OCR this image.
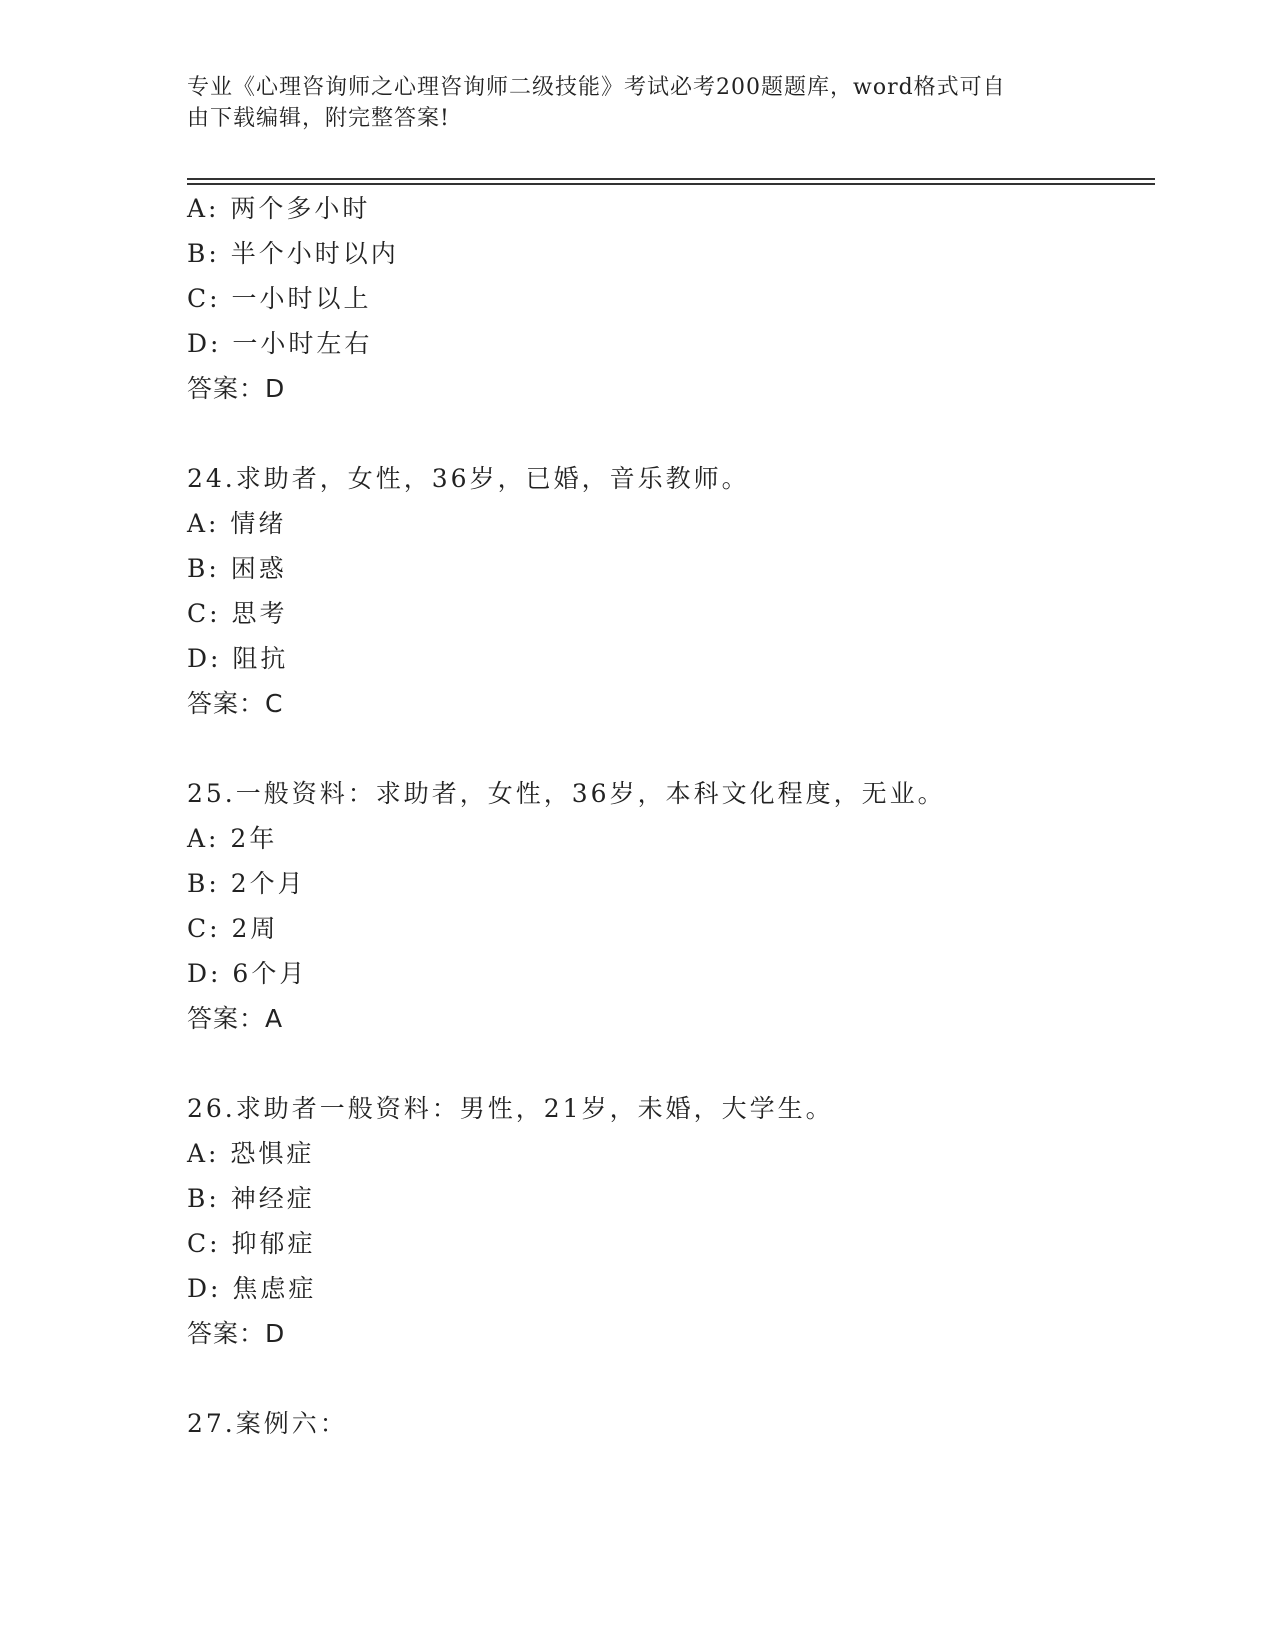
专业《心理咨询师之心理咨询师二级技能》考试必考200题题库，word格式可自
由下载编辑，附完整答案!
A: 两个多小时
B: 半个小时以内
C: 一小时以上
D: 一小时左右
答案：D
24.求助者，女性，36岁，已婚，音乐教师。
A: 情绪
B: 困惑
C: 思考
D: 阻抗
答案：C
25.一般资料：求助者，女性，36岁，本科文化程度，无业。
A: 2年
B: 2个月
C: 2周
D: 6个月
答案：A
26.求助者一般资料：男性，21岁，未婚，大学生。
A: 恐惧症
B: 神经症
C: 抑郁症
D: 焦虑症
答案：D
27.案例六：
